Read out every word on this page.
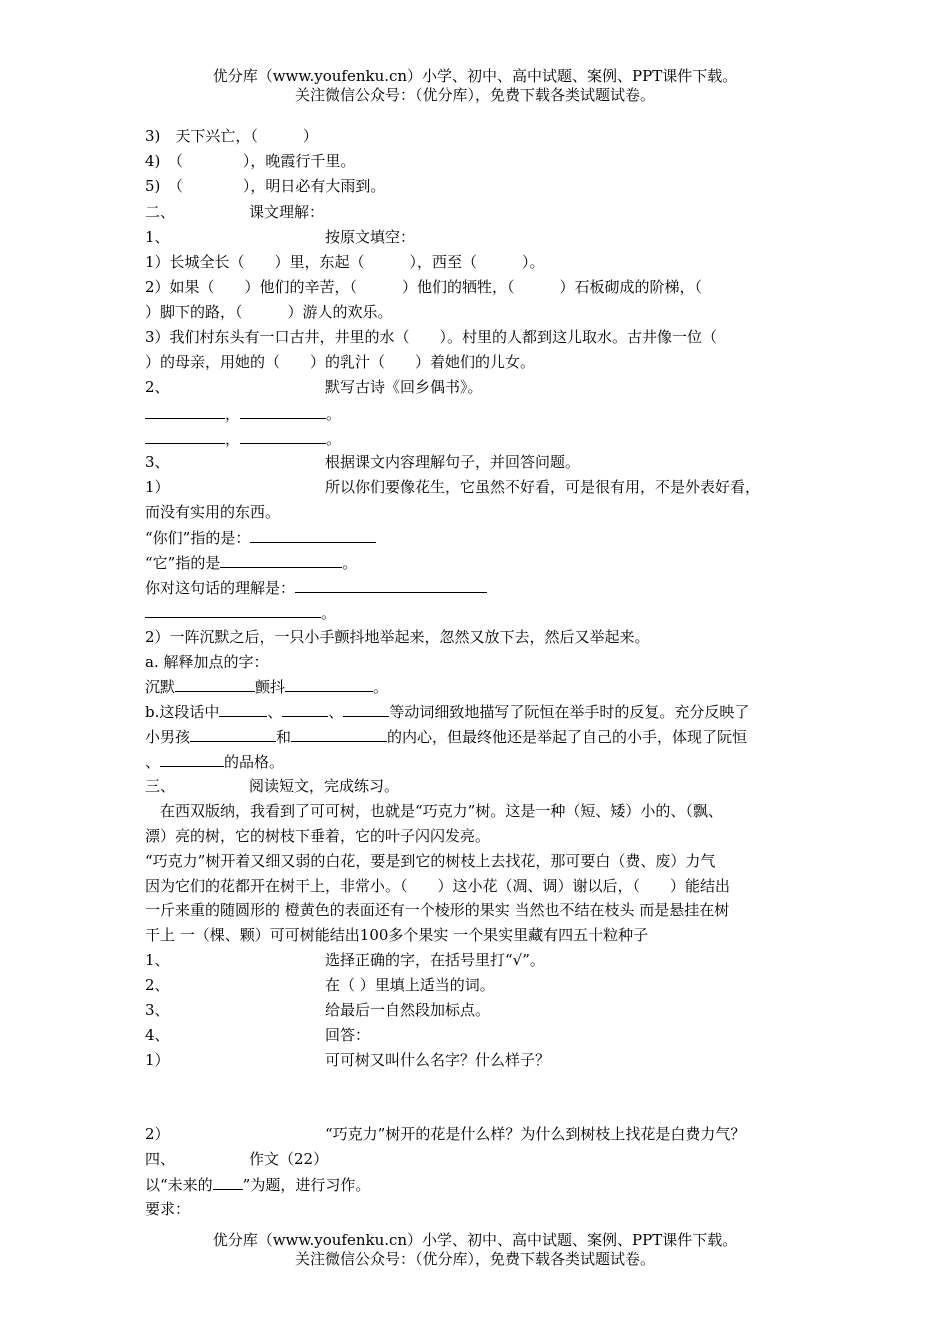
优分库（www.youfenku.cn）小学、初中、高中试题、案例、PPT课件下载。
关注微信公众号：（优分库），免费下载各类试题试卷。
3)　天下兴亡，（　　　）
4)　（　　　　），晚霞行千里。
5)　（　　　　），明日必有大雨到。
二、	课文理解：
1、	按原文填空：
1）长城全长（　　）里，东起（　　　），西至（　　　）。
2）如果（　　）他们的辛苦，（　　　）他们的牺牲，（　　　）石板砌成的阶梯，（
）脚下的路，（　　　）游人的欢乐。
3）我们村东头有一口古井，井里的水（　　）。村里的人都到这儿取水。古井像一位（
）的母亲，用她的（　　）的乳汁（　　）着她们的儿女。
2、	默写古诗《回乡偶书》。
，	。
，	。
3、	根据课文内容理解句子，并回答问题。
1）	所以你们要像花生，它虽然不好看，可是很有用，不是外表好看，
而没有实用的东西。
“你们”指的是：
“它”指的是	。
你对这句话的理解是：
。
2）一阵沉默之后，一只小手颤抖地举起来，忽然又放下去，然后又举起来。
a. 解释加点的字：
沉默	颤抖	。
b.这段话中	、	、	等动词细致地描写了阮恒在举手时的反复。充分反映了
小男孩	和	的内心，但最终他还是举起了自己的小手，体现了阮恒
、	的品格。
三、	阅读短文，完成练习。
　在西双版纳，我看到了可可树，也就是“巧克力”树。这是一种（短、矮）小的、（飘、
漂）亮的树，它的树枝下垂着，它的叶子闪闪发亮。
“巧克力”树开着又细又弱的白花，要是到它的树枝上去找花，那可要白（费、废）力气
因为它们的花都开在树干上，非常小。（　　）这小花（凋、调）谢以后，（　　）能结出
一斤来重的随圆形的 橙黄色的表面还有一个棱形的果实 当然也不结在枝头 而是悬挂在树
干上 一（棵、颗）可可树能结出100多个果实 一个果实里藏有四五十粒种子
1、	选择正确的字，在括号里打“√”。
2、	在（ ）里填上适当的词。
3、	给最后一自然段加标点。
4、	回答：
1）	可可树又叫什么名字？什么样子？
2）	“巧克力”树开的花是什么样？为什么到树枝上找花是白费力气？
四、	作文（22）
以“未来的 ”为题，进行习作。
要求：
优分库（www.youfenku.cn）小学、初中、高中试题、案例、PPT课件下载。
关注微信公众号：（优分库），免费下载各类试题试卷。
